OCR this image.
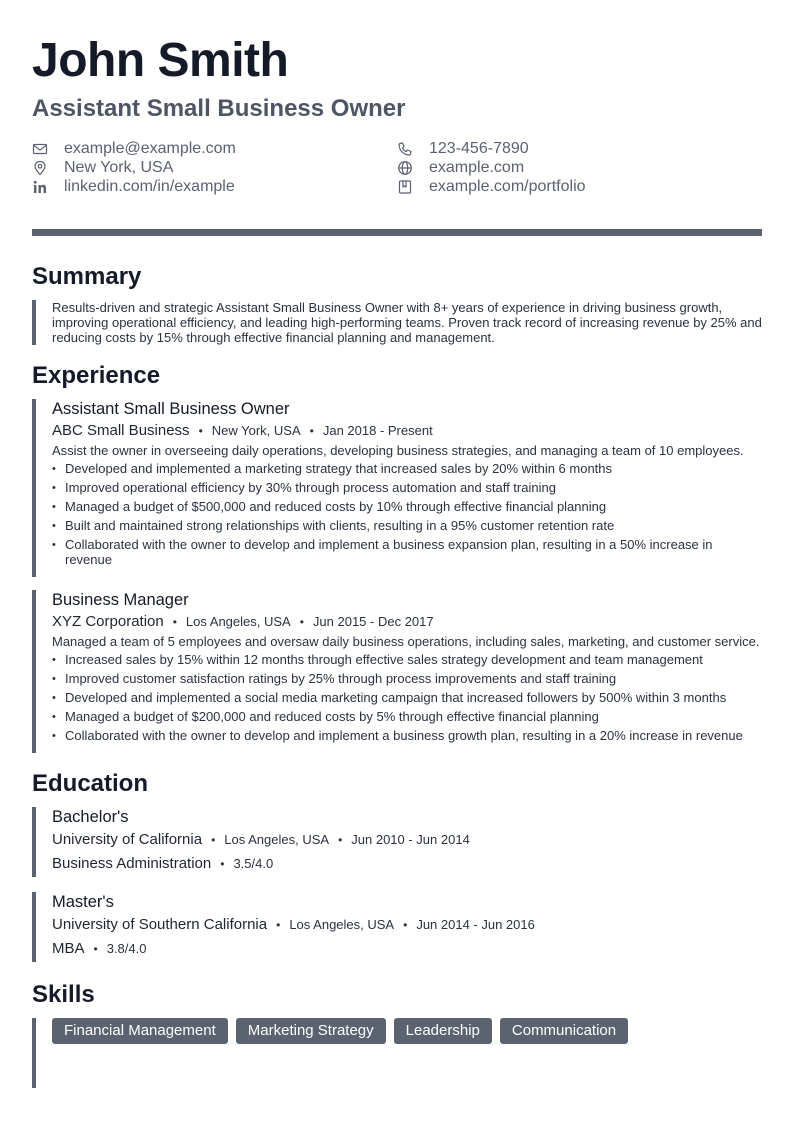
John Smith
Assistant Small Business Owner
example@example.com	123-456-7890
New York, USA	example.com
linkedin.com/in/example	example.com/portfolio
Summary
Results-driven and strategic Assistant Small Business Owner with 8+ years of experience in driving business growth, improving operational efficiency, and leading high-performing teams. Proven track record of increasing revenue by 25% and reducing costs by 15% through effective financial planning and management.
Experience
Assistant Small Business Owner
ABC Small Business • New York, USA • Jan 2018 - Present
Assist the owner in overseeing daily operations, developing business strategies, and managing a team of 10 employees.
• Developed and implemented a marketing strategy that increased sales by 20% within 6 months
• Improved operational efficiency by 30% through process automation and staff training
• Managed a budget of $500,000 and reduced costs by 10% through effective financial planning
• Built and maintained strong relationships with clients, resulting in a 95% customer retention rate
• Collaborated with the owner to develop and implement a business expansion plan, resulting in a 50% increase in revenue
Business Manager
XYZ Corporation • Los Angeles, USA • Jun 2015 - Dec 2017
Managed a team of 5 employees and oversaw daily business operations, including sales, marketing, and customer service.
• Increased sales by 15% within 12 months through effective sales strategy development and team management
• Improved customer satisfaction ratings by 25% through process improvements and staff training
• Developed and implemented a social media marketing campaign that increased followers by 500% within 3 months
• Managed a budget of $200,000 and reduced costs by 5% through effective financial planning
• Collaborated with the owner to develop and implement a business growth plan, resulting in a 20% increase in revenue
Education
Bachelor's
University of California • Los Angeles, USA • Jun 2010 - Jun 2014
Business Administration • 3.5/4.0
Master's
University of Southern California • Los Angeles, USA • Jun 2014 - Jun 2016
MBA • 3.8/4.0
Skills
Financial Management	Marketing Strategy	Leadership	Communication
